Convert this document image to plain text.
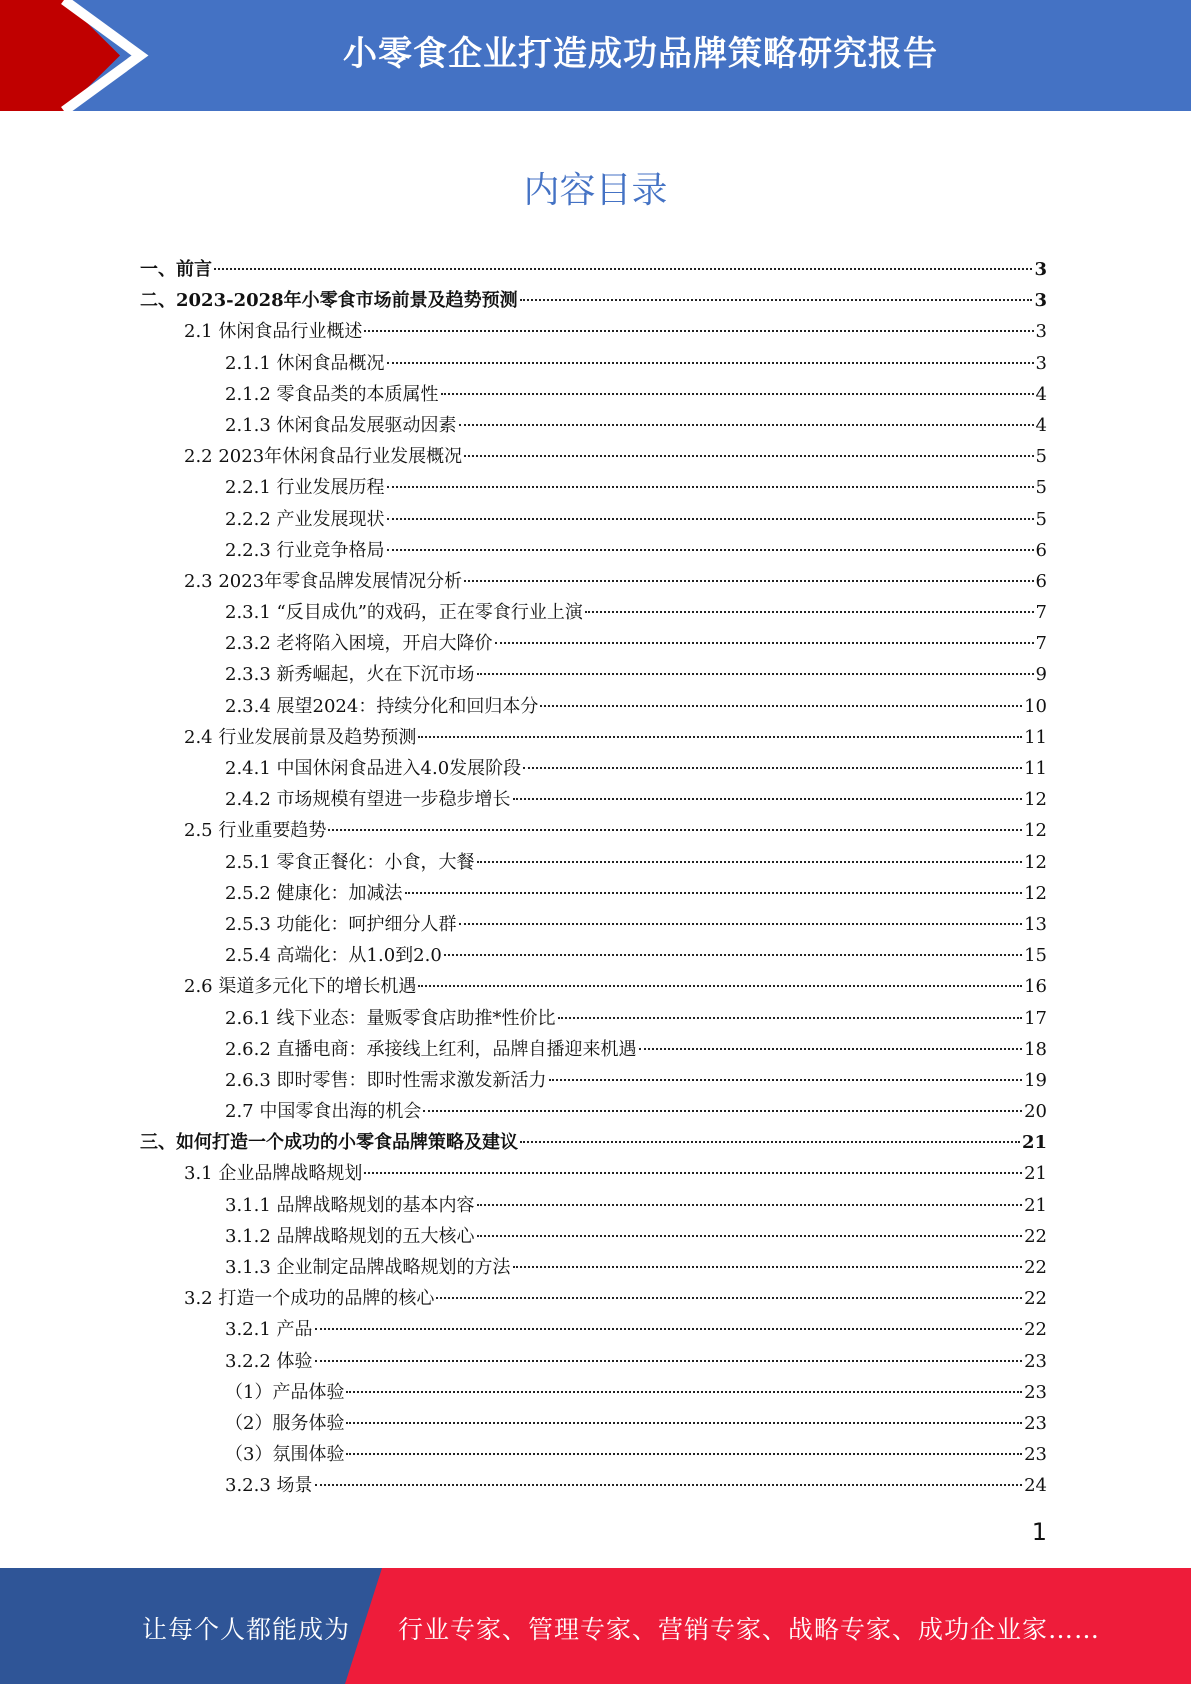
小零食企业打造成功品牌策略研究报告
内容目录
一、前言	3
二、2023-2028年小零食市场前景及趋势预测	3
2.1 休闲食品行业概述	3
2.1.1 休闲食品概况	3
2.1.2 零食品类的本质属性	4
2.1.3 休闲食品发展驱动因素	4
2.2 2023年休闲食品行业发展概况	5
2.2.1 行业发展历程	5
2.2.2 产业发展现状	5
2.2.3 行业竞争格局	6
2.3 2023年零食品牌发展情况分析	6
2.3.1 “反目成仇”的戏码，正在零食行业上演	7
2.3.2 老将陷入困境，开启大降价	7
2.3.3 新秀崛起，火在下沉市场	9
2.3.4 展望2024：持续分化和回归本分	10
2.4 行业发展前景及趋势预测	11
2.4.1 中国休闲食品进入4.0发展阶段	11
2.4.2 市场规模有望进一步稳步增长	12
2.5 行业重要趋势	12
2.5.1 零食正餐化：小食，大餐	12
2.5.2 健康化：加减法	12
2.5.3 功能化：呵护细分人群	13
2.5.4 高端化：从1.0到2.0	15
2.6 渠道多元化下的增长机遇	16
2.6.1 线下业态：量贩零食店助推*性价比	17
2.6.2 直播电商：承接线上红利，品牌自播迎来机遇	18
2.6.3 即时零售：即时性需求激发新活力	19
2.7 中国零食出海的机会	20
三、如何打造一个成功的小零食品牌策略及建议	21
3.1 企业品牌战略规划	21
3.1.1 品牌战略规划的基本内容	21
3.1.2 品牌战略规划的五大核心	22
3.1.3 企业制定品牌战略规划的方法	22
3.2 打造一个成功的品牌的核心	22
3.2.1 产品	22
3.2.2 体验	23
（1）产品体验	23
（2）服务体验	23
（3）氛围体验	23
3.2.3 场景	24
1
让每个人都能成为 行业专家、管理专家、营销专家、战略专家、成功企业家……
